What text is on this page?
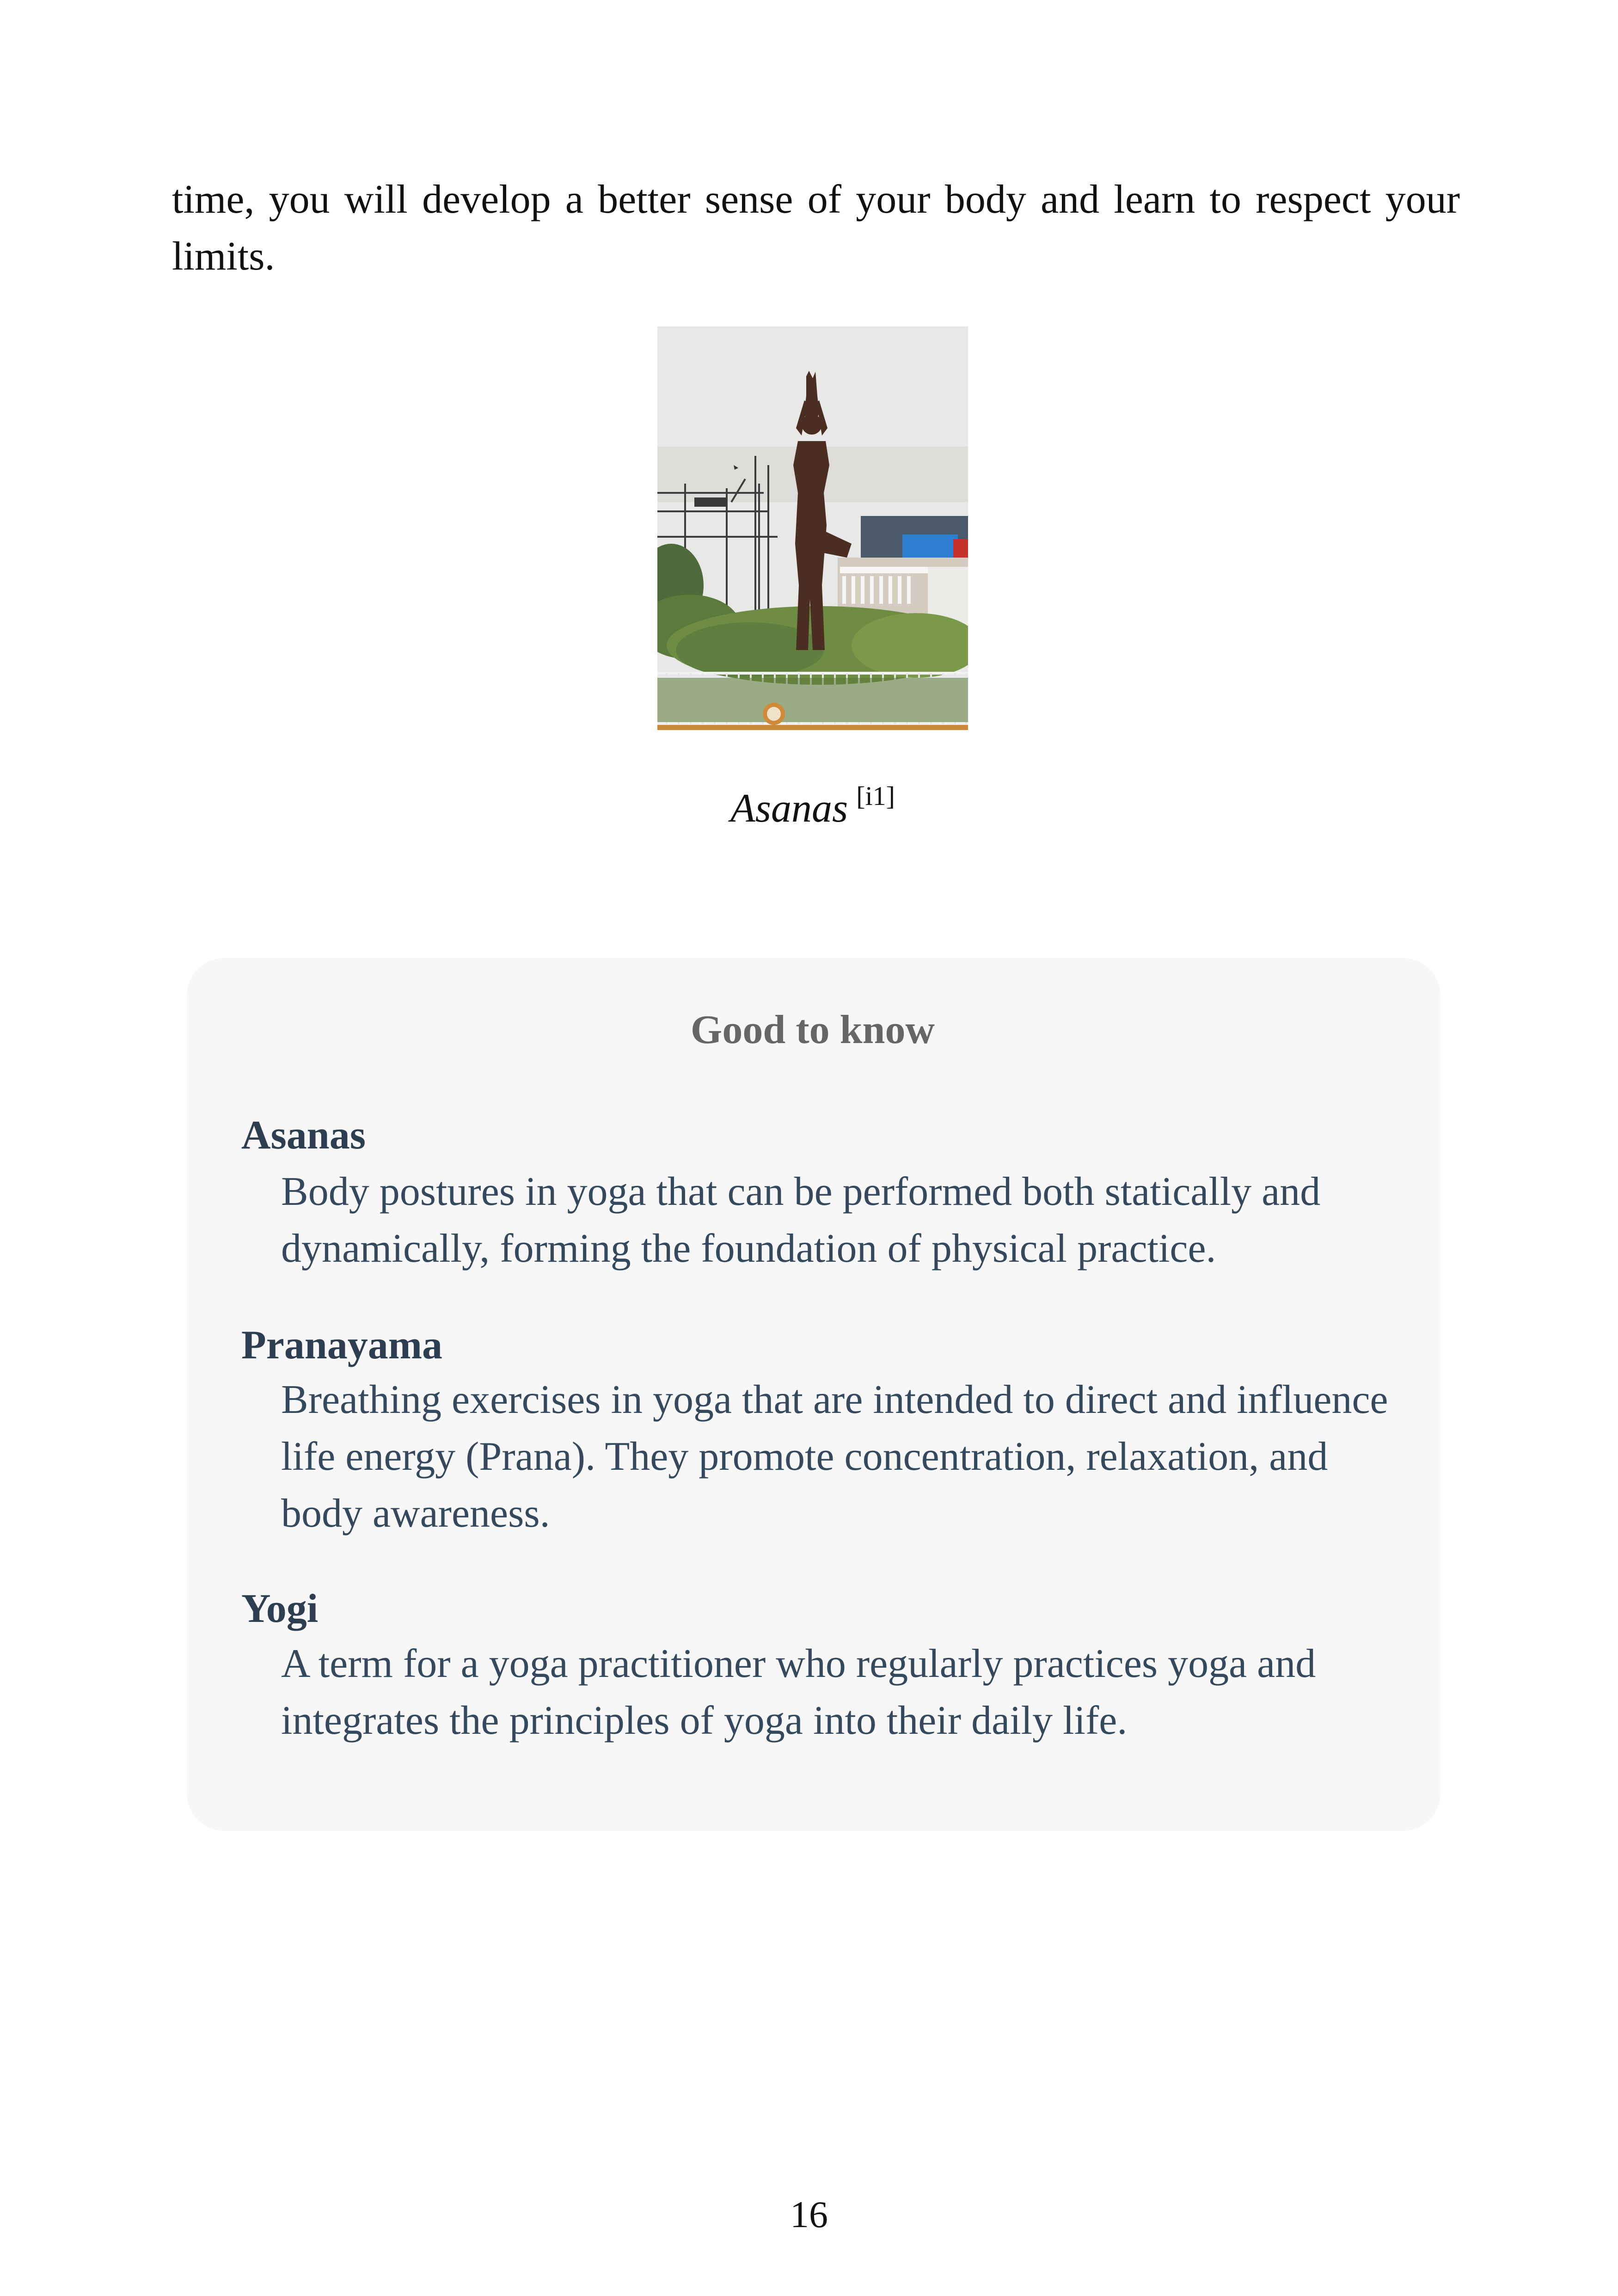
time, you will develop a better sense of your body and learn to respect your limits.

Asanas [i1]
Good to know
Asanas

Body postures in yoga that can be performed both statically and dynamically, forming the foundation of physical practice.

Pranayama

Breathing exercises in yoga that are intended to direct and influence life energy (Prana). They promote concentration, relaxation, and body awareness.

Yogi

A term for a yoga practitioner who regularly practices yoga and integrates the principles of yoga into their daily life.

16
